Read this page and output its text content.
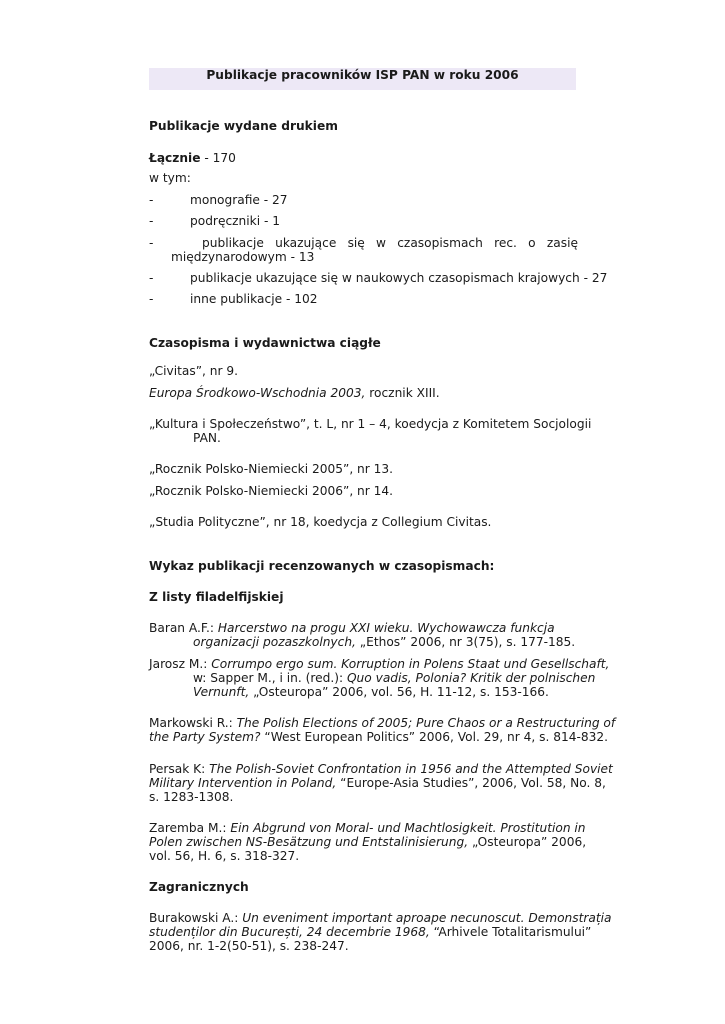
Publikacje pracowników ISP PAN w roku 2006
Publikacje wydane drukiem
Łącznie - 170
w tym:
-	monografie - 27
-	podręczniki - 1
-	publikacje ukazujące się w czasopismach rec. o zasię
międzynarodowym - 13
-	publikacje ukazujące się w naukowych czasopismach krajowych - 27
-	inne publikacje - 102
Czasopisma i wydawnictwa ciągłe
„Civitas”, nr 9.
Europa Środkowo-Wschodnia 2003, rocznik XIII.
„Kultura i Społeczeństwo”, t. L, nr 1 – 4, koedycja z Komitetem Socjologii
PAN.
„Rocznik Polsko-Niemiecki 2005”, nr 13.
„Rocznik Polsko-Niemiecki 2006”, nr 14.
„Studia Polityczne”, nr 18, koedycja z Collegium Civitas.
Wykaz publikacji recenzowanych w czasopismach:
Z listy filadelfijskiej
Baran A.F.: Harcerstwo na progu XXI wieku. Wychowawcza funkcja
organizacji pozaszkolnych, „Ethos” 2006, nr 3(75), s. 177-185.
Jarosz M.: Corrumpo ergo sum. Korruption in Polens Staat und Gesellschaft,
w: Sapper M., i in. (red.): Quo vadis, Polonia? Kritik der polnischen
Vernunft, „Osteuropa” 2006, vol. 56, H. 11-12, s. 153-166.
Markowski R.: The Polish Elections of 2005; Pure Chaos or a Restructuring of
the Party System? “West European Politics” 2006, Vol. 29, nr 4, s. 814-832.
Persak K: The Polish-Soviet Confrontation in 1956 and the Attempted Soviet
Military Intervention in Poland, “Europe-Asia Studies”, 2006, Vol. 58, No. 8,
s. 1283-1308.
Zaremba M.: Ein Abgrund von Moral- und Machtlosigkeit. Prostitution in
Polen zwischen NS-Besätzung und Entstalinisierung, „Osteuropa” 2006,
vol. 56, H. 6, s. 318-327.
Zagranicznych
Burakowski A.: Un eveniment important aproape necunoscut. Demonstrația
studenților din București, 24 decembrie 1968, “Arhivele Totalitarismului”
2006, nr. 1-2(50-51), s. 238-247.
